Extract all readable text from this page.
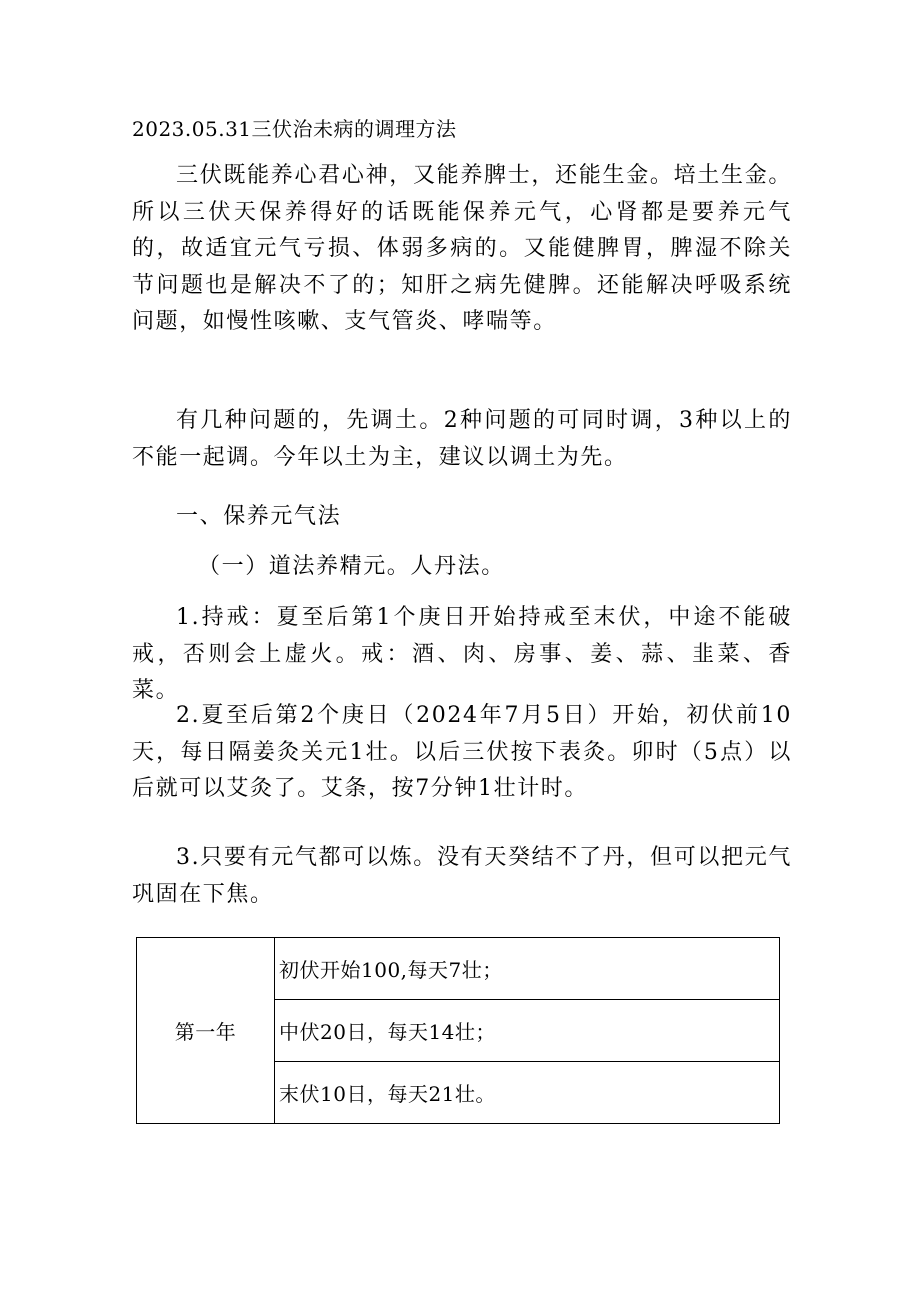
2023.05.31三伏治未病的调理方法

三伏既能养心君心神，又能养脾士，还能生金。培土生金。所以三伏天保养得好的话既能保养元气，心肾都是要养元气的，故适宜元气亏损、体弱多病的。又能健脾胃，脾湿不除关节问题也是解决不了的；知肝之病先健脾。还能解决呼吸系统问题，如慢性咳嗽、支气管炎、哮喘等。

有几种问题的，先调土。2种问题的可同时调，3种以上的不能一起调。今年以土为主，建议以调土为先。

一、保养元气法
（一）道法养精元。人丹法。

1.持戒：夏至后第1个庚日开始持戒至末伏，中途不能破戒，否则会上虚火。戒：酒、肉、房事、姜、蒜、韭菜、香菜。

2.夏至后第2个庚日（2024年7月5日）开始，初伏前10天，每日隔姜灸关元1壮。以后三伏按下表灸。卯时（5点）以后就可以艾灸了。艾条，按7分钟1壮计时。

3.只要有元气都可以炼。没有天癸结不了丹，但可以把元气巩固在下焦。

第一年	初伏开始100,每天7壮；
中伏20日，每天14壮；
末伏10日，每天21壮。
